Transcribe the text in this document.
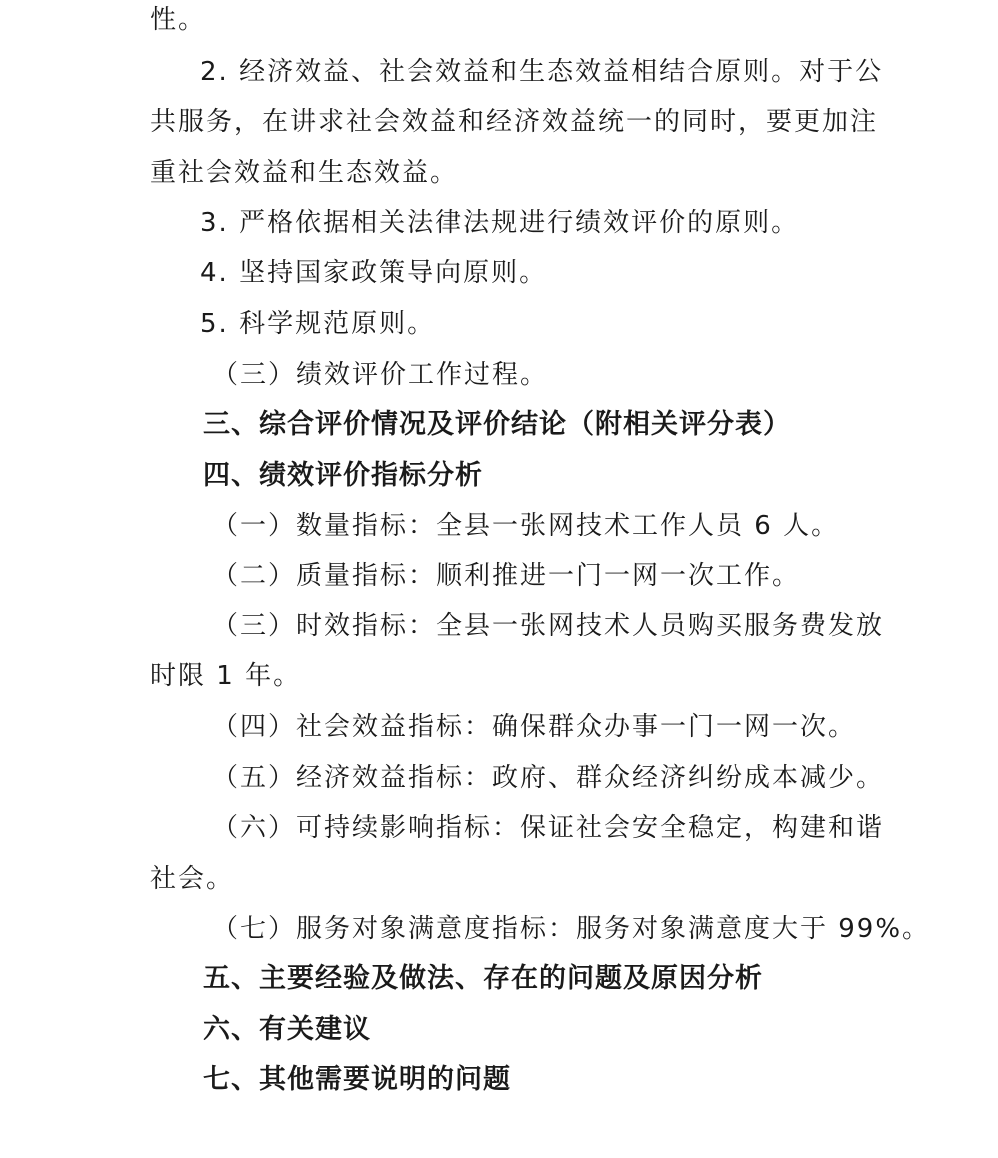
性。
2. 经济效益、社会效益和生态效益相结合原则。对于公
共服务，在讲求社会效益和经济效益统一的同时，要更加注
重社会效益和生态效益。
3. 严格依据相关法律法规进行绩效评价的原则。
4. 坚持国家政策导向原则。
5. 科学规范原则。
（三）绩效评价工作过程。
三、综合评价情况及评价结论（附相关评分表）
四、绩效评价指标分析
（一）数量指标：全县一张网技术工作人员 6 人。
（二）质量指标：顺利推进一门一网一次工作。
（三）时效指标：全县一张网技术人员购买服务费发放
时限 1 年。
（四）社会效益指标：确保群众办事一门一网一次。
（五）经济效益指标：政府、群众经济纠纷成本减少。
（六）可持续影响指标：保证社会安全稳定，构建和谐
社会。
（七）服务对象满意度指标：服务对象满意度大于 99%。
五、主要经验及做法、存在的问题及原因分析
六、有关建议
七、其他需要说明的问题
